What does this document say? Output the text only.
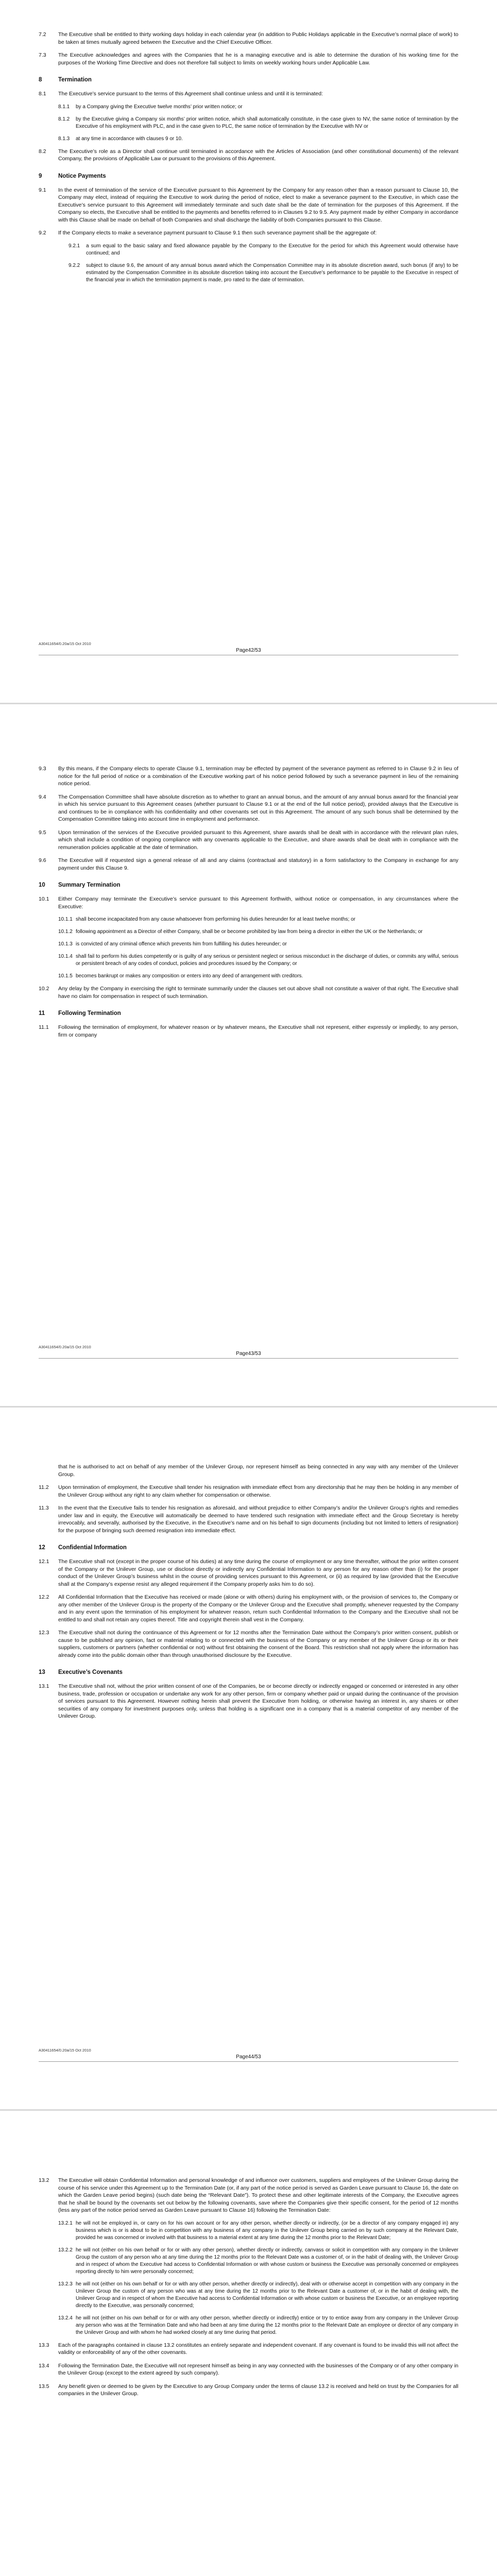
7.2	The Executive shall be entitled to thirty working days holiday in each calendar year (in addition to Public Holidays applicable in the Executive’s normal place of work) to be taken at times mutually agreed between the Executive and the Chief Executive Officer.
7.3	The Executive acknowledges and agrees with the Companies that he is a managing executive and is able to determine the duration of his working time for the purposes of the Working Time Directive and does not therefore fall subject to limits on weekly working hours under Applicable Law.
8	Termination
8.1	The Executive’s service pursuant to the terms of this Agreement shall continue unless and until it is terminated:
8.1.1	by a Company giving the Executive twelve months’ prior written notice; or
8.1.2	by the Executive giving a Company six months’ prior written notice, which shall automatically constitute, in the case given to NV, the same notice of termination by the Executive of his employment with PLC, and in the case given to PLC, the same notice of termination by the Executive with NV or
8.1.3	at any time in accordance with clauses 9 or 10.
8.2	The Executive’s role as a Director shall continue until terminated in accordance with the Articles of Association (and other constitutional documents) of the relevant Company, the provisions of Applicable Law or pursuant to the provisions of this Agreement.
9	Notice Payments
9.1	In the event of termination of the service of the Executive pursuant to this Agreement by the Company for any reason other than a reason pursuant to Clause 10, the Company may elect, instead of requiring the Executive to work during the period of notice, elect to make a severance payment to the Executive, in which case the Executive’s service pursuant to this Agreement will immediately terminate and such date shall be the date of termination for the purposes of this Agreement. If the Company so elects, the Executive shall be entitled to the payments and benefits referred to in Clauses 9.2 to 9.5. Any payment made by either Company in accordance with this Clause shall be made on behalf of both Companies and shall discharge the liability of both Companies pursuant to this Clause.
9.2	If the Company elects to make a severance payment pursuant to Clause 9.1 then such severance payment shall be the aggregate of:
9.2.1	a sum equal to the basic salary and fixed allowance payable by the Company to the Executive for the period for which this Agreement would otherwise have continued; and
9.2.2	subject to clause 9.6, the amount of any annual bonus award which the Compensation Committee may in its absolute discretion award, such bonus (if any) to be estimated by the Compensation Committee in its absolute discretion taking into account the Executive’s performance to be payable to the Executive in respect of the financial year in which the termination payment is made, pro rated to the date of termination.
A30411654/0.20a/15 Oct 2010
Page42/53
9.3	By this means, if the Company elects to operate Clause 9.1, termination may be effected by payment of the severance payment as referred to in Clause 9.2 in lieu of notice for the full period of notice or a combination of the Executive working part of his notice period followed by such a severance payment in lieu of the remaining notice period.
9.4	The Compensation Committee shall have absolute discretion as to whether to grant an annual bonus, and the amount of any annual bonus award for the financial year in which his service pursuant to this Agreement ceases (whether pursuant to Clause 9.1 or at the end of the full notice period), provided always that the Executive is and continues to be in compliance with his confidentiality and other covenants set out in this Agreement. The amount of any such bonus shall be determined by the Compensation Committee taking into account time in employment and performance.
9.5	Upon termination of the services of the Executive provided pursuant to this Agreement, share awards shall be dealt with in accordance with the relevant plan rules, which shall include a condition of ongoing compliance with any covenants applicable to the Executive, and share awards shall be dealt with in compliance with the remuneration policies applicable at the date of termination.
9.6	The Executive will if requested sign a general release of all and any claims (contractual and statutory) in a form satisfactory to the Company in exchange for any payment under this Clause 9.
10	Summary Termination
10.1	Either Company may terminate the Executive’s service pursuant to this Agreement forthwith, without notice or compensation, in any circumstances where the Executive:
10.1.1 shall become incapacitated from any cause whatsoever from performing his duties hereunder for at least twelve months; or
10.1.2 following appointment as a Director of either Company, shall be or become prohibited by law from being a director in either the UK or the Netherlands; or
10.1.3 is convicted of any criminal offence which prevents him from fulfilling his duties hereunder; or
10.1.4 shall fail to perform his duties competently or is guilty of any serious or persistent neglect or serious misconduct in the discharge of duties, or commits any wilful, serious or persistent breach of any codes of conduct, policies and procedures issued by the Company; or
10.1.5 becomes bankrupt or makes any composition or enters into any deed of arrangement with creditors.
10.2	Any delay by the Company in exercising the right to terminate summarily under the clauses set out above shall not constitute a waiver of that right. The Executive shall have no claim for compensation in respect of such termination.
11	Following Termination
11.1	Following the termination of employment, for whatever reason or by whatever means, the Executive shall not represent, either expressly or impliedly, to any person, firm or company
A30411654/0.20a/15 Oct 2010
Page43/53
that he is authorised to act on behalf of any member of the Unilever Group, nor represent himself as being connected in any way with any member of the Unilever Group.
11.2	Upon termination of employment, the Executive shall tender his resignation with immediate effect from any directorship that he may then be holding in any member of the Unilever Group without any right to any claim whether for compensation or otherwise.
11.3	In the event that the Executive fails to tender his resignation as aforesaid, and without prejudice to either Company’s and/or the Unilever Group’s rights and remedies under law and in equity, the Executive will automatically be deemed to have tendered such resignation with immediate effect and the Group Secretary is hereby irrevocably, and severally, authorised by the Executive, in the Executive’s name and on his behalf to sign documents (including but not limited to letters of resignation) for the purpose of bringing such deemed resignation into immediate effect.
12	Confidential Information
12.1	The Executive shall not (except in the proper course of his duties) at any time during the course of employment or any time thereafter, without the prior written consent of the Company or the Unilever Group, use or disclose directly or indirectly any Confidential Information to any person for any reason other than (i) for the proper conduct of the Unilever Group’s business whilst in the course of providing services pursuant to this Agreement, or (ii) as required by law (provided that the Executive shall at the Company’s expense resist any alleged requirement if the Company properly asks him to do so).
12.2	All Confidential Information that the Executive has received or made (alone or with others) during his employment with, or the provision of services to, the Company or any other member of the Unilever Group is the property of the Company or the Unilever Group and the Executive shall promptly, whenever requested by the Company and in any event upon the termination of his employment for whatever reason, return such Confidential Information to the Company and the Executive shall not be entitled to and shall not retain any copies thereof. Title and copyright therein shall vest in the Company.
12.3	The Executive shall not during the continuance of this Agreement or for 12 months after the Termination Date without the Company’s prior written consent, publish or cause to be published any opinion, fact or material relating to or connected with the business of the Company or any member of the Unilever Group or its or their suppliers, customers or partners (whether confidential or not) without first obtaining the consent of the Board. This restriction shall not apply where the information has already come into the public domain other than through unauthorised disclosure by the Executive.
13	Executive’s Covenants
13.1	The Executive shall not, without the prior written consent of one of the Companies, be or become directly or indirectly engaged or concerned or interested in any other business, trade, profession or occupation or undertake any work for any other person, firm or company whether paid or unpaid during the continuance of the provision of services pursuant to this Agreement. However nothing herein shall prevent the Executive from holding, or otherwise having an interest in, any shares or other securities of any company for investment purposes only, unless that holding is a significant one in a company that is a material competitor of any member of the Unilever Group.
A30411654/0.20a/15 Oct 2010
Page44/53
13.2	The Executive will obtain Confidential Information and personal knowledge of and influence over customers, suppliers and employees of the Unilever Group during the course of his service under this Agreement up to the Termination Date (or, if any part of the notice period is served as Garden Leave pursuant to Clause 16, the date on which the Garden Leave period begins) (such date being the “Relevant Date”). To protect these and other legitimate interests of the Company, the Executive agrees that he shall be bound by the covenants set out below by the following covenants, save where the Companies give their specific consent, for the period of 12 months (less any part of the notice period served as Garden Leave pursuant to Clause 16) following the Termination Date:
13.2.1 he will not be employed in, or carry on for his own account or for any other person, whether directly or indirectly, (or be a director of any company engaged in) any business which is or is about to be in competition with any business of any company in the Unilever Group being carried on by such company at the Relevant Date, provided he was concerned or involved with that business to a material extent at any time during the 12 months prior to the Relevant Date;
13.2.2 he will not (either on his own behalf or for or with any other person), whether directly or indirectly, canvass or solicit in competition with any company in the Unilever Group the custom of any person who at any time during the 12 months prior to the Relevant Date was a customer of, or in the habit of dealing with, the Unilever Group and in respect of whom the Executive had access to Confidential Information or with whose custom or business the Executive was personally concerned or employees reporting directly to him were personally concerned;
13.2.3 he will not (either on his own behalf or for or with any other person, whether directly or indirectly), deal with or otherwise accept in competition with any company in the Unilever Group the custom of any person who was at any time during the 12 months prior to the Relevant Date a customer of, or in the habit of dealing with, the Unilever Group and in respect of whom the Executive had access to Confidential Information or with whose custom or business the Executive, or an employee reporting directly to the Executive, was personally concerned;
13.2.4 he will not (either on his own behalf or for or with any other person, whether directly or indirectly) entice or try to entice away from any company in the Unilever Group any person who was at the Termination Date and who had been at any time during the 12 months prior to the Relevant Date an employee or director of any company in the Unilever Group and with whom he had worked closely at any time during that period.
13.3	Each of the paragraphs contained in clause 13.2 constitutes an entirely separate and independent covenant. If any covenant is found to be invalid this will not affect the validity or enforceability of any of the other covenants.
13.4	Following the Termination Date, the Executive will not represent himself as being in any way connected with the businesses of the Company or of any other company in the Unilever Group (except to the extent agreed by such company).
13.5	Any benefit given or deemed to be given by the Executive to any Group Company under the terms of clause 13.2 is received and held on trust by the Companies for all companies in the Unilever Group.
